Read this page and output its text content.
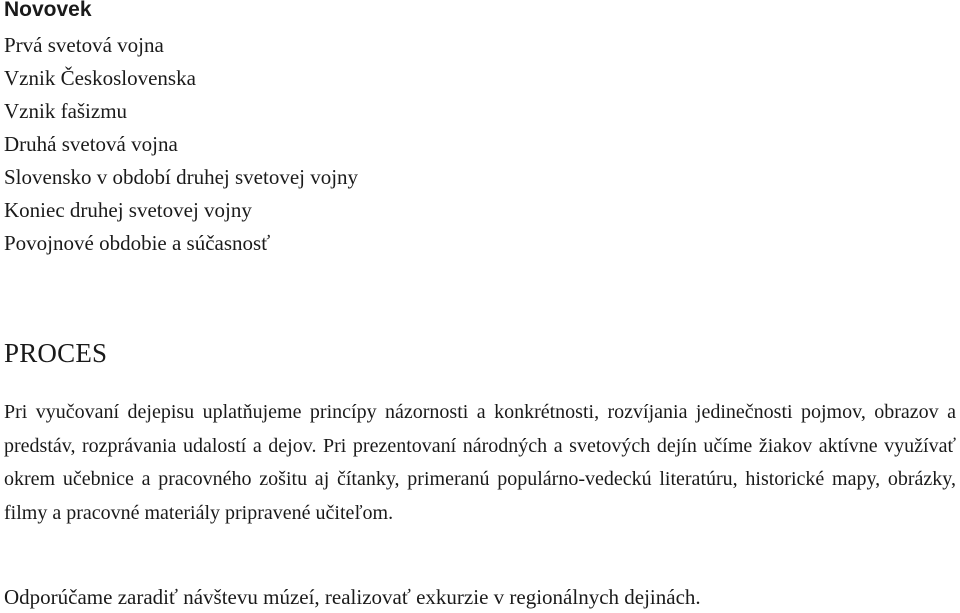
Novovek
Prvá svetová vojna
Vznik Československa
Vznik fašizmu
Druhá svetová vojna
Slovensko v období druhej svetovej vojny
Koniec druhej svetovej vojny
Povojnové obdobie a súčasnosť
PROCES

Pri vyučovaní dejepisu uplatňujeme princípy názornosti a konkrétnosti, rozvíjania jedinečnosti pojmov, obrazov a predstáv, rozprávania udalostí a dejov. Pri prezentovaní národných a svetových dejín učíme žiakov aktívne využívať okrem učebnice a pracovného zošitu aj čítanky, primeranú populárno-vedeckú literatúru, historické mapy, obrázky, filmy a pracovné materiály pripravené učiteľom.

Odporúčame zaradiť návštevu múzeí, realizovať exkurzie v regionálnych dejinách.
